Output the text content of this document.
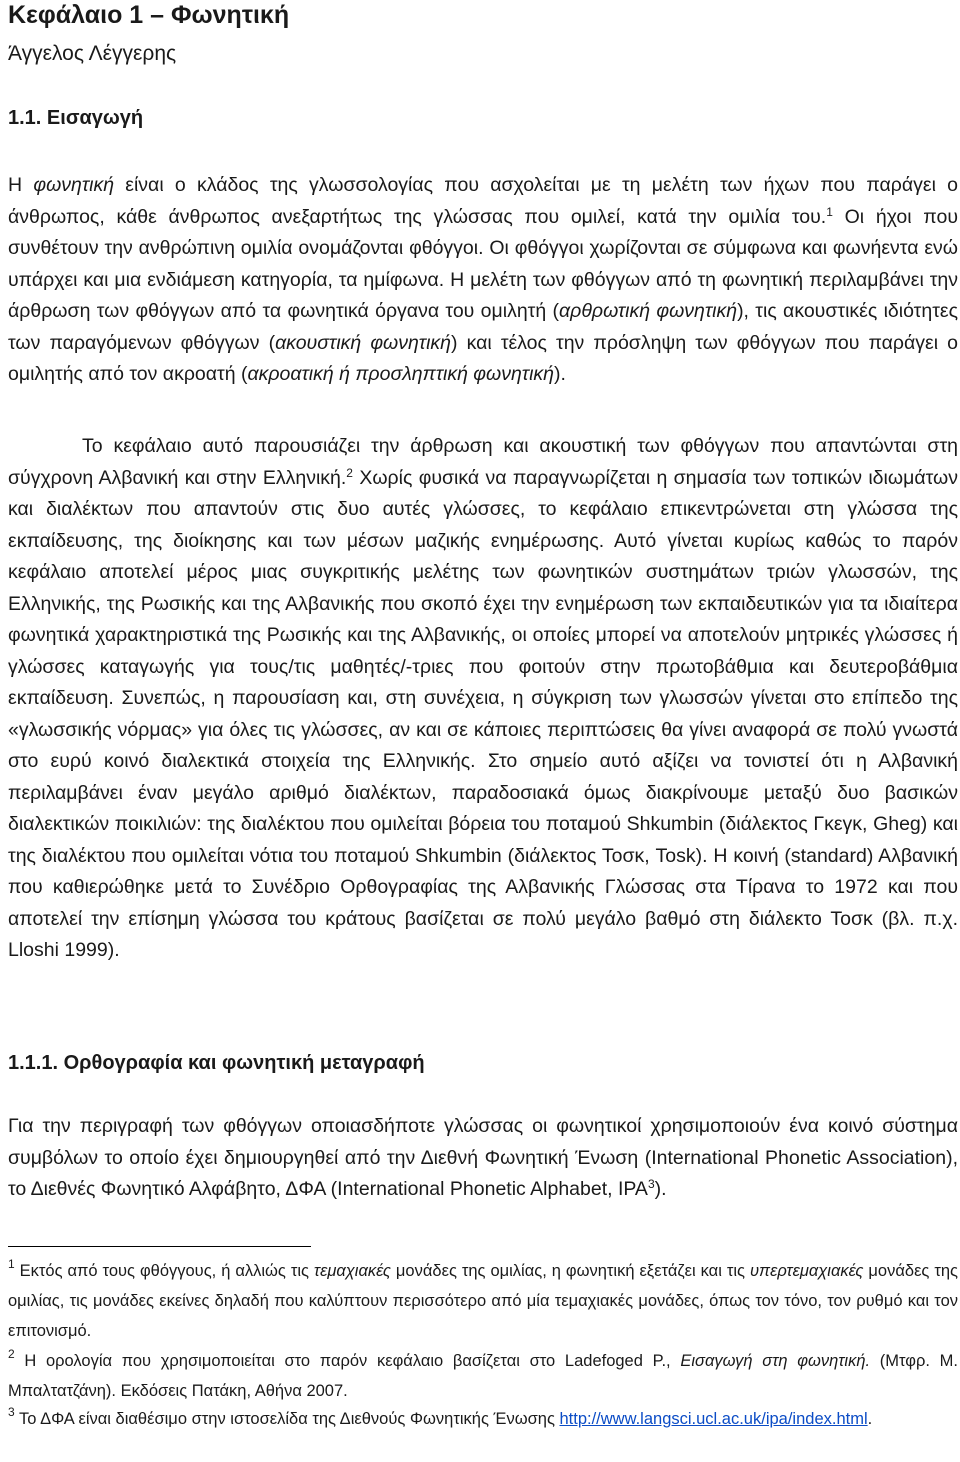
Κεφάλαιο 1 – Φωνητική
Άγγελος Λέγγερης
1.1. Εισαγωγή

Η φωνητική είναι ο κλάδος της γλωσσολογίας που ασχολείται με τη μελέτη των ήχων που παράγει ο άνθρωπος, κάθε άνθρωπος ανεξαρτήτως της γλώσσας που ομιλεί, κατά την ομιλία του.$^1$ Οι ήχοι που συνθέτουν την ανθρώπινη ομιλία ονομάζονται φθόγγοι. Οι φθόγγοι χωρίζονται σε σύμφωνα και φωνήεντα ενώ υπάρχει και μια ενδιάμεση κατηγορία, τα ημίφωνα. Η μελέτη των φθόγγων από τη φωνητική περιλαμβάνει την άρθρωση των φθόγγων από τα φωνητικά όργανα του ομιλητή (αρθρωτική φωνητική), τις ακουστικές ιδιότητες των παραγόμενων φθόγγων (ακουστική φωνητική) και τέλος την πρόσληψη των φθόγγων που παράγει ο ομιλητής από τον ακροατή (ακροατική ή προσληπτική φωνητική).

Το κεφάλαιο αυτό παρουσιάζει την άρθρωση και ακουστική των φθόγγων που απαντώνται στη σύγχρονη Αλβανική και στην Ελληνική.$^2$ Χωρίς φυσικά να παραγνωρίζεται η σημασία των τοπικών ιδιωμάτων και διαλέκτων που απαντούν στις δυο αυτές γλώσσες, το κεφάλαιο επικεντρώνεται στη γλώσσα της εκπαίδευσης, της διοίκησης και των μέσων μαζικής ενημέρωσης. Αυτό γίνεται κυρίως καθώς το παρόν κεφάλαιο αποτελεί μέρος μιας συγκριτικής μελέτης των φωνητικών συστημάτων τριών γλωσσών, της Ελληνικής, της Ρωσικής και της Αλβανικής που σκοπό έχει την ενημέρωση των εκπαιδευτικών για τα ιδιαίτερα φωνητικά χαρακτηριστικά της Ρωσικής και της Αλβανικής, οι οποίες μπορεί να αποτελούν μητρικές γλώσσες ή γλώσσες καταγωγής για τους/τις μαθητές/-τριες που φοιτούν στην πρωτοβάθμια και δευτεροβάθμια εκπαίδευση. Συνεπώς, η παρουσίαση και, στη συνέχεια, η σύγκριση των γλωσσών γίνεται στο επίπεδο της «γλωσσικής νόρμας» για όλες τις γλώσσες, αν και σε κάποιες περιπτώσεις θα γίνει αναφορά σε πολύ γνωστά στο ευρύ κοινό διαλεκτικά στοιχεία της Ελληνικής. Στο σημείο αυτό αξίζει να τονιστεί ότι η Αλβανική περιλαμβάνει έναν μεγάλο αριθμό διαλέκτων, παραδοσιακά όμως διακρίνουμε μεταξύ δυο βασικών διαλεκτικών ποικιλιών: της διαλέκτου που ομιλείται βόρεια του ποταμού Shkumbin (διάλεκτος Γκεγκ, Gheg) και της διαλέκτου που ομιλείται νότια του ποταμού Shkumbin (διάλεκτος Τοσκ, Tosk). Η κοινή (standard) Αλβανική που καθιερώθηκε μετά το Συνέδριο Ορθογραφίας της Αλβανικής Γλώσσας στα Τίρανα το 1972 και που αποτελεί την επίσημη γλώσσα του κράτους βασίζεται σε πολύ μεγάλο βαθμό στη διάλεκτο Τοσκ (βλ. π.χ. Lloshi 1999).

1.1.1. Ορθογραφία και φωνητική μεταγραφή

Για την περιγραφή των φθόγγων οποιασδήποτε γλώσσας οι φωνητικοί χρησιμοποιούν ένα κοινό σύστημα συμβόλων το οποίο έχει δημιουργηθεί από την Διεθνή Φωνητική Ένωση (International Phonetic Association), το Διεθνές Φωνητικό Αλφάβητο, ΔΦΑ (International Phonetic Alphabet, IPA$^3$).

$^1$ Εκτός από τους φθόγγους, ή αλλιώς τις τεμαχιακές μονάδες της ομιλίας, η φωνητική εξετάζει και τις υπερτεμαχιακές μονάδες της ομιλίας, τις μονάδες εκείνες δηλαδή που καλύπτουν περισσότερο από μία τεμαχιακές μονάδες, όπως τον τόνο, τον ρυθμό και τον επιτονισμό.

$^2$ Η ορολογία που χρησιμοποιείται στο παρόν κεφάλαιο βασίζεται στο Ladefoged P., Εισαγωγή στη φωνητική. (Μτφρ. Μ. Μπαλτατζάνη). Εκδόσεις Πατάκη, Αθήνα 2007.

$^3$ Το ΔΦΑ είναι διαθέσιμο στην ιστοσελίδα της Διεθνούς Φωνητικής Ένωσης http://www.langsci.ucl.ac.uk/ipa/index.html.
